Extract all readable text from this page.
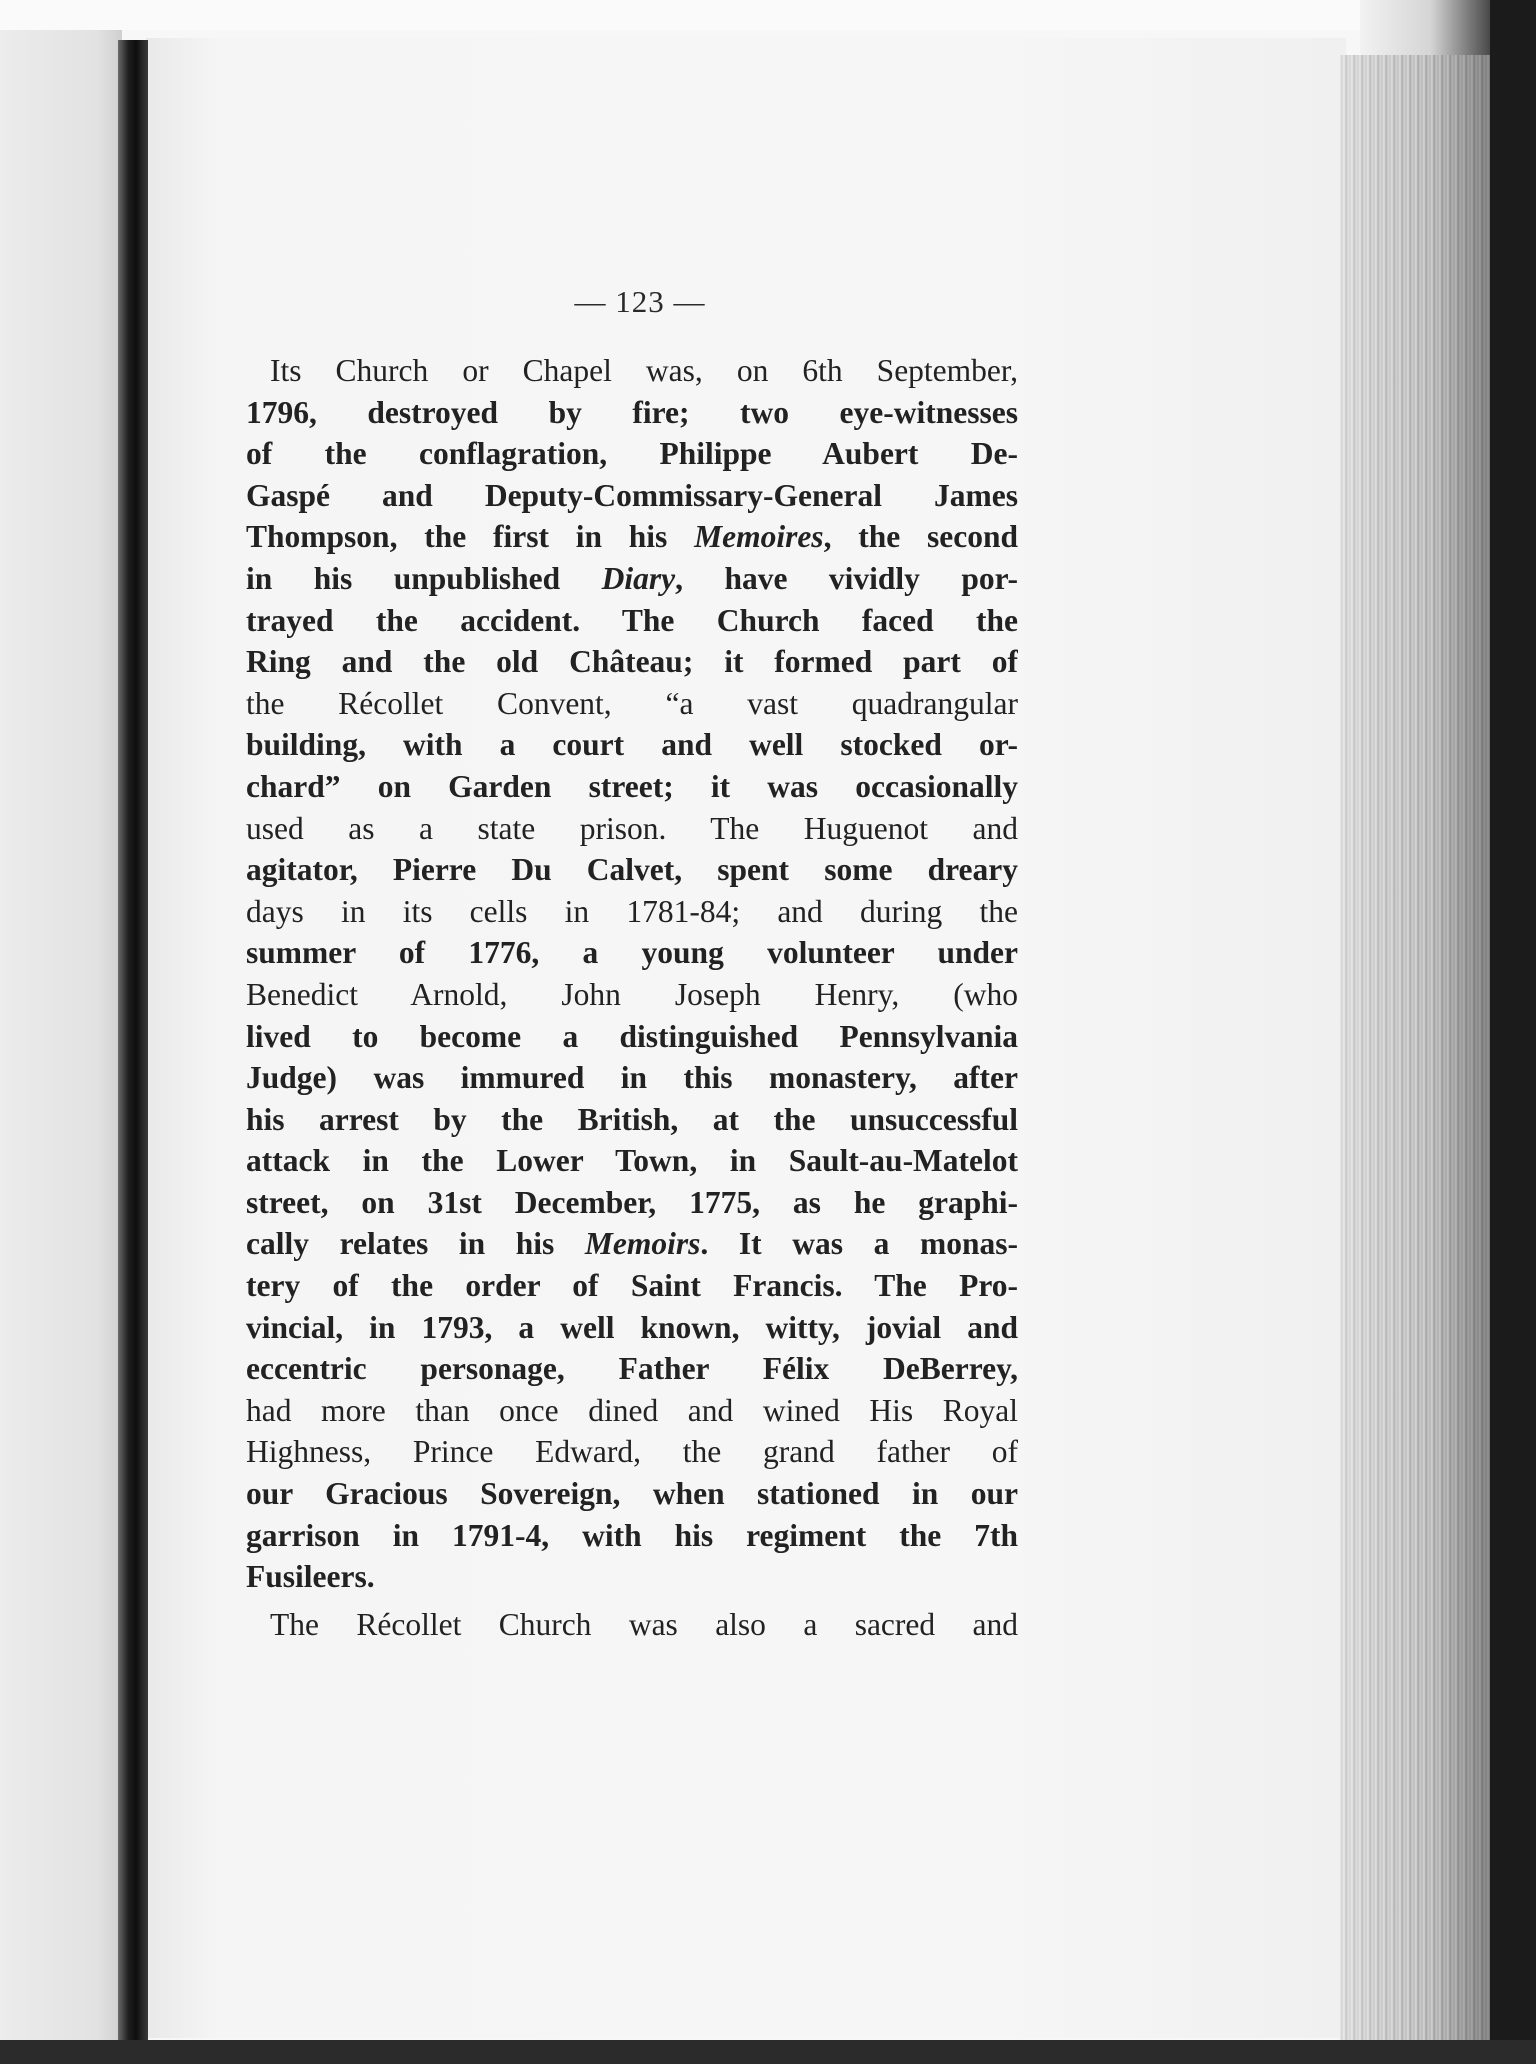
— 123 —
Its Church or Chapel was, on 6th September,
1796, destroyed by fire; two eye-witnesses
of the conflagration, Philippe Aubert De-
Gaspé and Deputy-Commissary-General James
Thompson, the first in his Memoires, the second
in his unpublished Diary, have vividly por-
trayed the accident. The Church faced the
Ring and the old Château; it formed part of
the Récollet Convent, “a vast quadrangular
building, with a court and well stocked or-
chard” on Garden street; it was occasionally
used as a state prison. The Huguenot and
agitator, Pierre Du Calvet, spent some dreary
days in its cells in 1781-84; and during the
summer of 1776, a young volunteer under
Benedict Arnold, John Joseph Henry, (who
lived to become a distinguished Pennsylvania
Judge) was immured in this monastery, after
his arrest by the British, at the unsuccessful
attack in the Lower Town, in Sault-au-Matelot
street, on 31st December, 1775, as he graphi-
cally relates in his Memoirs. It was a monas-
tery of the order of Saint Francis. The Pro-
vincial, in 1793, a well known, witty, jovial and
eccentric personage, Father Félix DeBerrey,
had more than once dined and wined His Royal
Highness, Prince Edward, the grand father of
our Gracious Sovereign, when stationed in our
garrison in 1791-4, with his regiment the 7th
Fusileers.
The Récollet Church was also a sacred and
